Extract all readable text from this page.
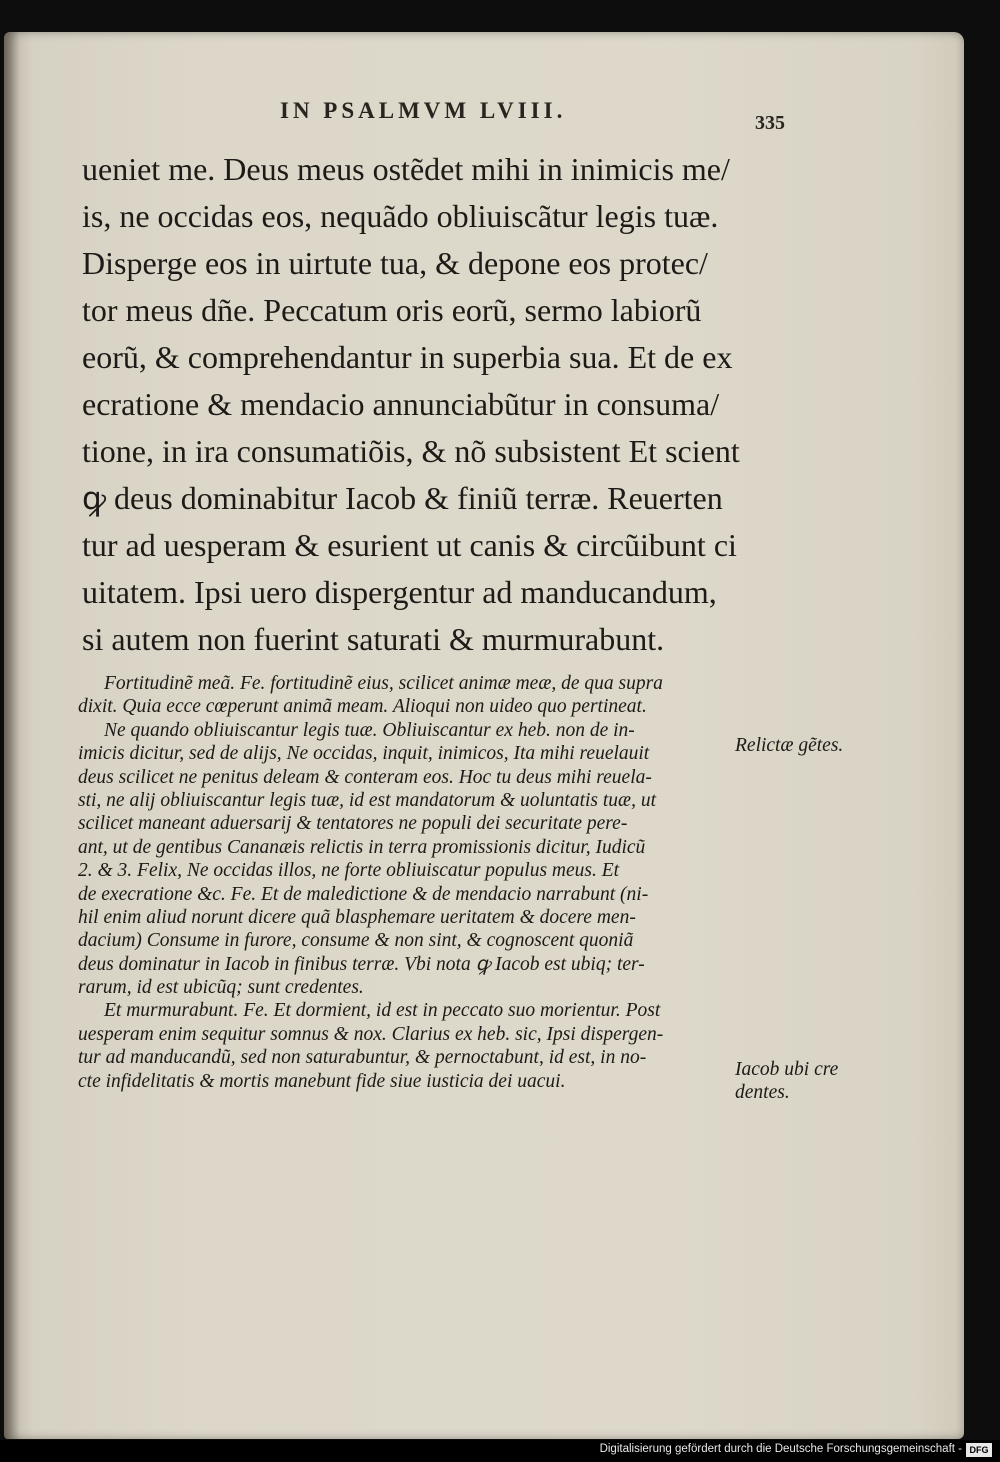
IN PSALMVM LVIII.	335
ueniet me. Deus meus ostẽdet mihi in inimicis me/
is, ne occidas eos, nequãdo obliuiscãtur legis tuæ.
Disperge eos in uirtute tua, & depone eos protec/
tor meus dñe. Peccatum oris eorũ, sermo labiorũ
eorũ, & comprehendantur in superbia sua. Et de ex
ecratione & mendacio annunciabũtur in consuma/
tione, in ira consumatiõis, & nõ subsistent Et scient
ꝙ deus dominabitur Iacob & finiũ terræ. Reuerten
tur ad uesperam & esurient ut canis & circũibunt ci
uitatem. Ipsi uero dispergentur ad manducandum,
si autem non fuerint saturati & murmurabunt.
Fortitudinẽ meã. Fe. fortitudinẽ eius, scilicet animæ meæ, de qua supra
dixit. Quia ecce cœperunt animã meam. Alioqui non uideo quo pertineat.
Ne quando obliuiscantur legis tuæ. Obliuiscantur ex heb. non de in-
imicis dicitur, sed de alijs, Ne occidas, inquit, inimicos, Ita mihi reuelauit
deus scilicet ne penitus deleam & conteram eos. Hoc tu deus mihi reuela-
sti, ne alij obliuiscantur legis tuæ, id est mandatorum & uoluntatis tuæ, ut
scilicet maneant aduersarij & tentatores ne populi dei securitate pere-
ant, ut de gentibus Cananæis relictis in terra promissionis dicitur, Iudicũ
2. & 3. Felix, Ne occidas illos, ne forte obliuiscatur populus meus. Et
de execratione &c. Fe. Et de maledictione & de mendacio narrabunt (ni-
hil enim aliud norunt dicere quã blasphemare ueritatem & docere men-
dacium) Consume in furore, consume & non sint, & cognoscent quoniã
deus dominatur in Iacob in finibus terræ. Vbi nota ꝙ Iacob est ubiq; ter-
rarum, id est ubicũq; sunt credentes.
Et murmurabunt. Fe. Et dormient, id est in peccato suo morientur. Post
uesperam enim sequitur somnus & nox. Clarius ex heb. sic, Ipsi dispergen-
tur ad manducandũ, sed non saturabuntur, & pernoctabunt, id est, in no-
cte infidelitatis & mortis manebunt fide siue iusticia dei uacui.
Relictæ gẽtes.
Iacob ubi cre
dentes.
Digitalisierung gefördert durch die Deutsche Forschungsgemeinschaft - DFG
